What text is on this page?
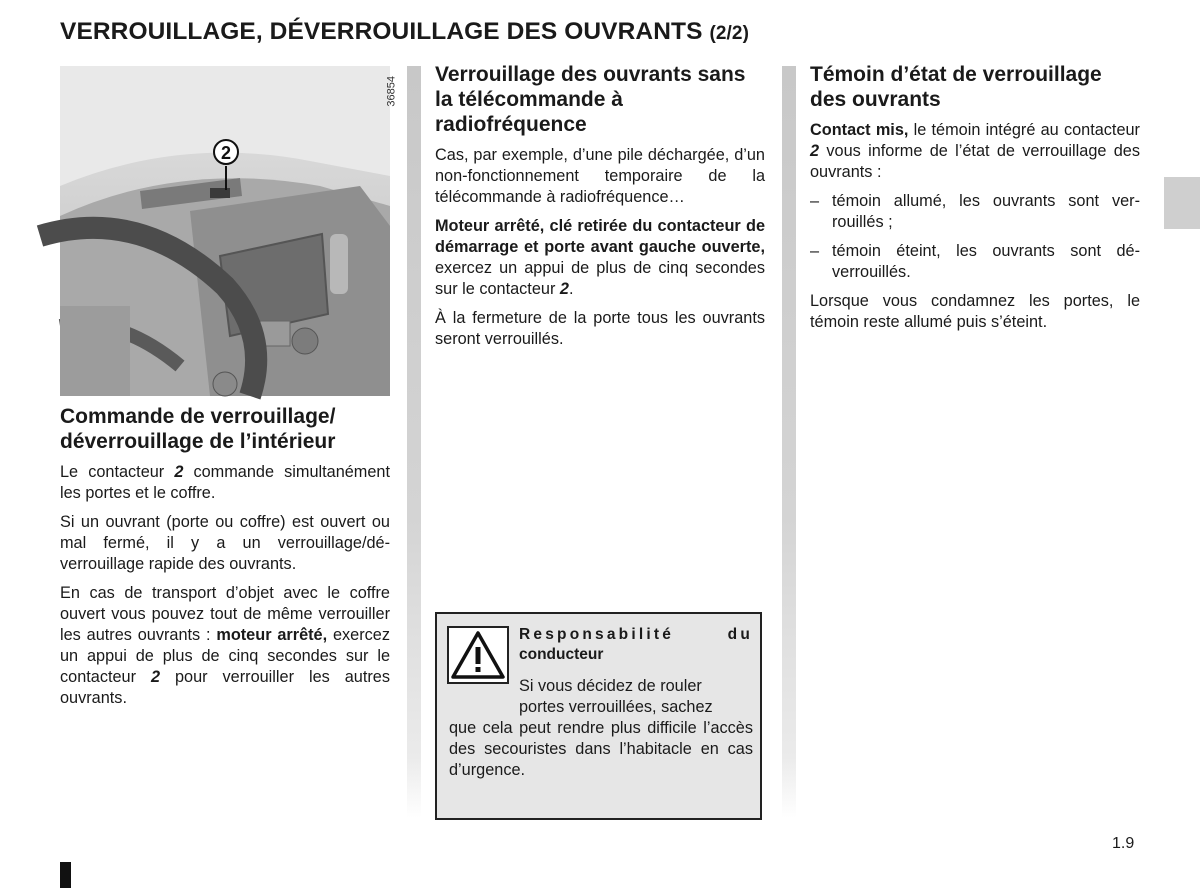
VERROUILLAGE, DÉVERROUILLAGE DES OUVRANTS (2/2)
2
36854
Commande de verrouillage/ déverrouillage de l’intérieur

Le contacteur 2 commande simultanément les portes et le coffre.

Si un ouvrant (porte ou coffre) est ouvert ou mal fermé, il y a un verrouillage/déverrouillage rapide des ouvrants.

En cas de transport d’objet avec le coffre ouvert vous pouvez tout de même verrouiller les autres ouvrants : moteur arrêté, exercez un appui de plus de cinq secondes sur le contacteur 2 pour verrouiller les autres ouvrants.

Verrouillage des ouvrants sans la télécommande à radiofréquence

Cas, par exemple, d’une pile déchargée, d’un non-fonctionnement temporaire de la télécommande à radiofréquence…

Moteur arrêté, clé retirée du contacteur de démarrage et porte avant gauche ouverte, exercez un appui de plus de cinq secondes sur le contacteur 2.

À la fermeture de la porte tous les ouvrants seront verrouillés.

Responsabilité	du
conducteur
Si vous décidez de rouler
portes verrouillées, sachez
que cela peut rendre plus difficile l’accès des secouristes dans l’habitacle en cas d’urgence.
Témoin d’état de verrouillage des ouvrants

Contact mis, le témoin intégré au contacteur 2 vous informe de l’état de verrouillage des ouvrants :

– témoin allumé, les ouvrants sont verrouillés ;
– témoin éteint, les ouvrants sont déverrouillés.

Lorsque vous condamnez les portes, le témoin reste allumé puis s’éteint.

1.9
